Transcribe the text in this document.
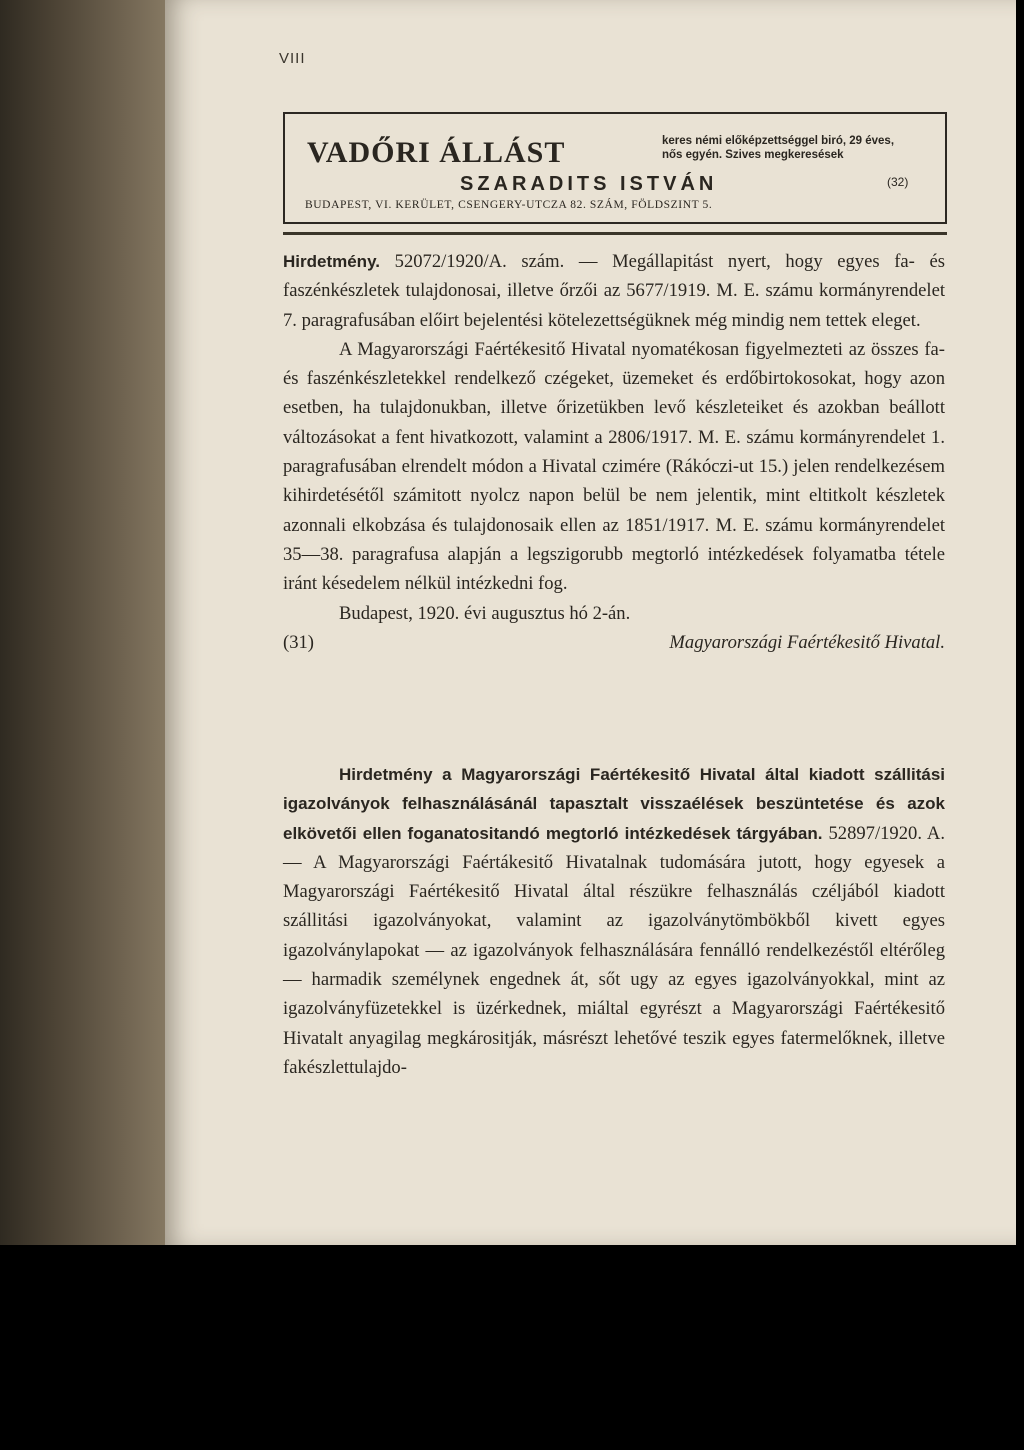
VIII
VADŐRI ÁLLÁST	keres némi előképzettséggel biró, 29 éves,
nős egyén. Szives megkeresések
SZARADITS ISTVÁN	(32)
BUDAPEST, VI. KERÜLET, CSENGERY-UTCZA 82. SZÁM, FÖLDSZINT 5.

Hirdetmény. 52072/1920/A. szám. — Megállapitást nyert, hogy egyes fa- és faszénkészletek tulajdonosai, illetve őrzői az 5677/1919. M. E. számu kormányrendelet 7. paragrafusában előirt bejelentési kötelezettségüknek még mindig nem tettek eleget.

A Magyarországi Faértékesitő Hivatal nyomatékosan figyelmezteti az összes fa- és faszénkészletekkel rendelkező czégeket, üzemeket és erdőbirtokosokat, hogy azon esetben, ha tulajdonukban, illetve őrizetükben levő készleteiket és azokban beállott változásokat a fent hivatkozott, valamint a 2806/1917. M. E. számu kormányrendelet 1. paragrafusában elrendelt módon a Hivatal czimére (Rákóczi-ut 15.) jelen rendelkezésem kihirdetésétől számitott nyolcz napon belül be nem jelentik, mint eltitkolt készletek azonnali elkobzása és tulajdonosaik ellen az 1851/1917. M. E. számu kormányrendelet 35—38. paragrafusa alapján a legszigorubb megtorló intézkedések folyamatba tétele iránt késedelem nélkül intézkedni fog.

Budapest, 1920. évi augusztus hó 2-án.

(31)	Magyarországi Faértékesitő Hivatal.

Hirdetmény a Magyarországi Faértékesitő Hivatal által kiadott szállitási igazolványok felhasználásánál tapasztalt visszaélések beszüntetése és azok elkövetői ellen foganatositandó megtorló intézkedések tárgyában. 52897/1920. A. — A Magyarországi Faértákesitő Hivatalnak tudomására jutott, hogy egyesek a Magyarországi Faértékesitő Hivatal által részükre felhasználás czéljából kiadott szállitási igazolványokat, valamint az igazolványtömbökből kivett egyes igazolványlapokat — az igazolványok felhasználására fennálló rendelkezéstől eltérőleg — harmadik személynek engednek át, sőt ugy az egyes igazolványokkal, mint az igazolványfüzetekkel is üzérkednek, miáltal egyrészt a Magyarországi Faértékesitő Hivatalt anyagilag megkárositják, másrészt lehetővé teszik egyes fatermelőknek, illetve fakészlettulajdo-
